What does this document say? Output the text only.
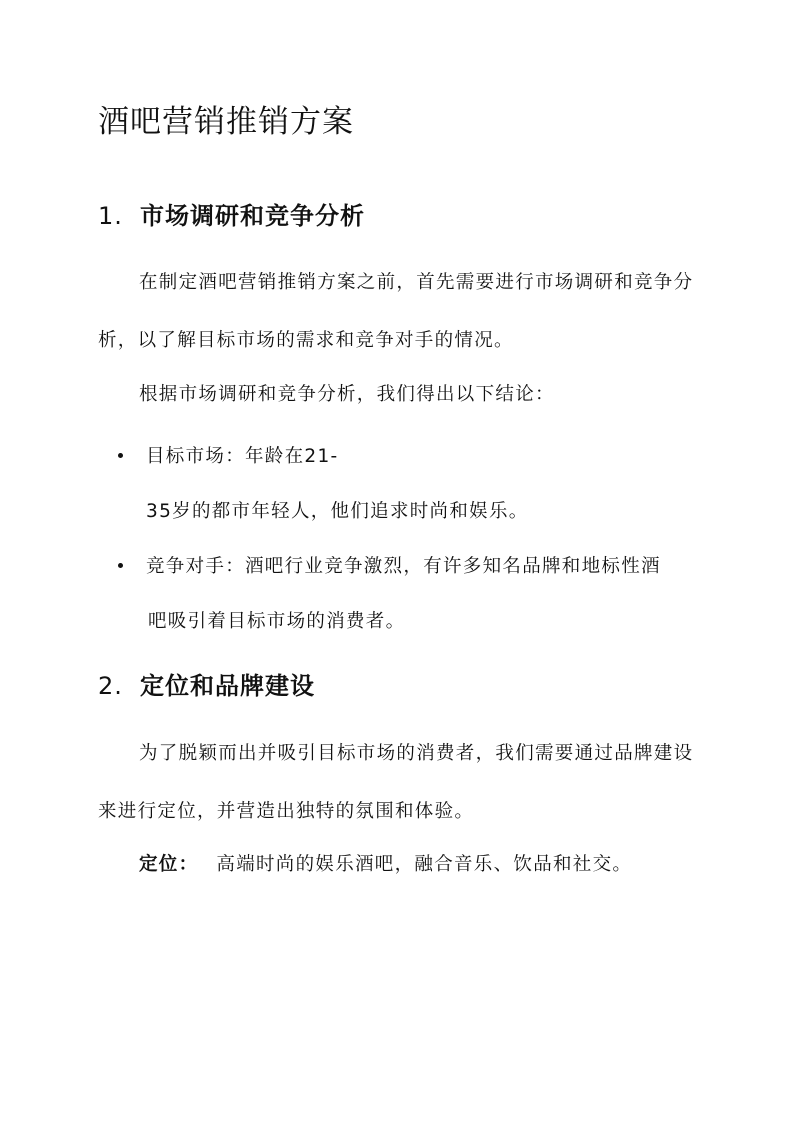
酒吧营销推销方案
1. 市场调研和竞争分析

在制定酒吧营销推销方案之前，首先需要进行市场调研和竞争分析，以了解目标市场的需求和竞争对手的情况。

根据市场调研和竞争分析，我们得出以下结论：

目标市场：年龄在21-
35岁的都市年轻人，他们追求时尚和娱乐。
竞争对手：酒吧行业竞争激烈，有许多知名品牌和地标性酒
吧吸引着目标市场的消费者。
2. 定位和品牌建设

为了脱颖而出并吸引目标市场的消费者，我们需要通过品牌建设来进行定位，并营造出独特的氛围和体验。

定位： 高端时尚的娱乐酒吧，融合音乐、饮品和社交。
